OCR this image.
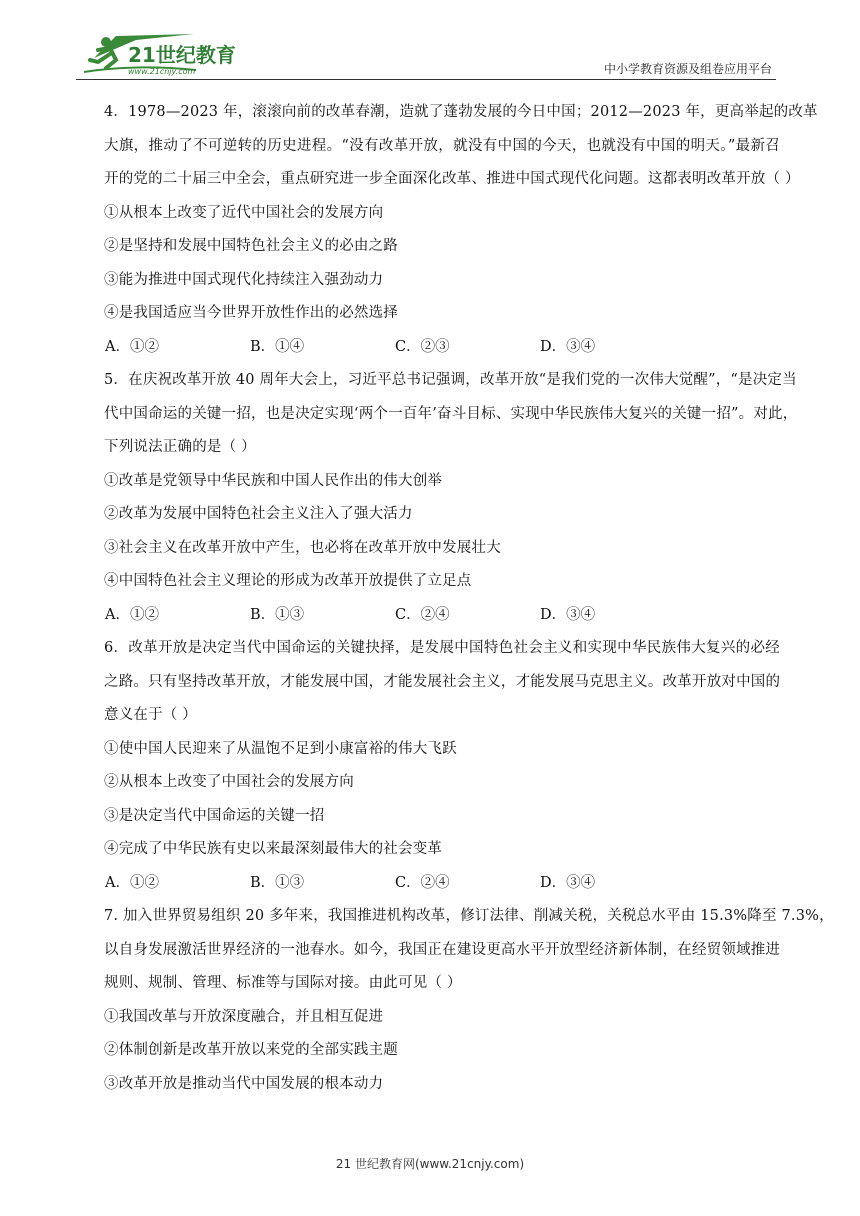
21世纪教育
www.21cnjy.com	中小学教育资源及组卷应用平台
4．1978—2023 年，滚滚向前的改革春潮，造就了蓬勃发展的今日中国；2012—2023 年，更高举起的改革
大旗，推动了不可逆转的历史进程。“没有改革开放，就没有中国的今天，也就没有中国的明天。”最新召
开的党的二十届三中全会，重点研究进一步全面深化改革、推进中国式现代化问题。这都表明改革开放（ ）
①从根本上改变了近代中国社会的发展方向
②是坚持和发展中国特色社会主义的必由之路
③能为推进中国式现代化持续注入强劲动力
④是我国适应当今世界开放性作出的必然选择
A．①②	B．①④	C．②③	D．③④
5．在庆祝改革开放 40 周年大会上，习近平总书记强调，改革开放“是我们党的一次伟大觉醒”，“是决定当
代中国命运的关键一招，也是决定实现‘两个一百年’奋斗目标、实现中华民族伟大复兴的关键一招”。对此，
下列说法正确的是（ ）
①改革是党领导中华民族和中国人民作出的伟大创举
②改革为发展中国特色社会主义注入了强大活力
③社会主义在改革开放中产生，也必将在改革开放中发展壮大
④中国特色社会主义理论的形成为改革开放提供了立足点
A．①②	B．①③	C．②④	D．③④
6．改革开放是决定当代中国命运的关键抉择，是发展中国特色社会主义和实现中华民族伟大复兴的必经
之路。只有坚持改革开放，才能发展中国，才能发展社会主义，才能发展马克思主义。改革开放对中国的
意义在于（ ）
①使中国人民迎来了从温饱不足到小康富裕的伟大飞跃
②从根本上改变了中国社会的发展方向
③是决定当代中国命运的关键一招
④完成了中华民族有史以来最深刻最伟大的社会变革
A．①②	B．①③	C．②④	D．③④
7. 加入世界贸易组织 20 多年来，我国推进机构改革，修订法律、削减关税，关税总水平由 15.3%降至 7.3%，
以自身发展激活世界经济的一池春水。如今，我国正在建设更高水平开放型经济新体制，在经贸领域推进
规则、规制、管理、标准等与国际对接。由此可见（ ）
①我国改革与开放深度融合，并且相互促进
②体制创新是改革开放以来党的全部实践主题
③改革开放是推动当代中国发展的根本动力
21 世纪教育网(www.21cnjy.com)
